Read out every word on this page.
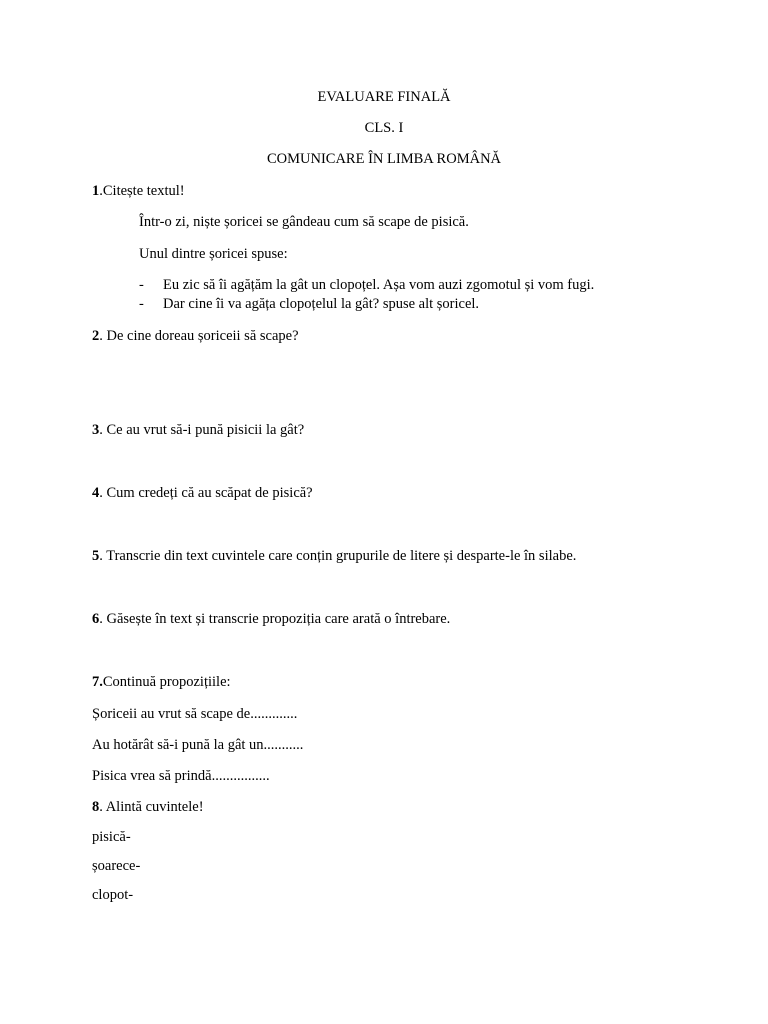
EVALUARE FINALĂ
CLS. I
COMUNICARE ÎN LIMBA ROMÂNĂ
1.Citește textul!
Într-o zi, niște șoricei se gândeau cum să scape de pisică.
Unul dintre șoricei spuse:
- Eu zic să îi agățăm la gât un clopoțel. Așa vom auzi zgomotul și vom fugi.
- Dar cine îi va agăța clopoțelul la gât? spuse alt șoricel.
2. De cine doreau șoriceii să scape?
3. Ce au vrut să-i pună pisicii la gât?
4. Cum credeți că au scăpat de pisică?
5. Transcrie din text cuvintele care conțin grupurile de litere și desparte-le în silabe.
6. Găsește în text și transcrie propoziția care arată o întrebare.
7.Continuă propozițiile:
Șoriceii au vrut să scape de.............
Au hotărât să-i pună la gât un...........
Pisica vrea să prindă................
8. Alintă cuvintele!
pisică-
șoarece-
clopot-
